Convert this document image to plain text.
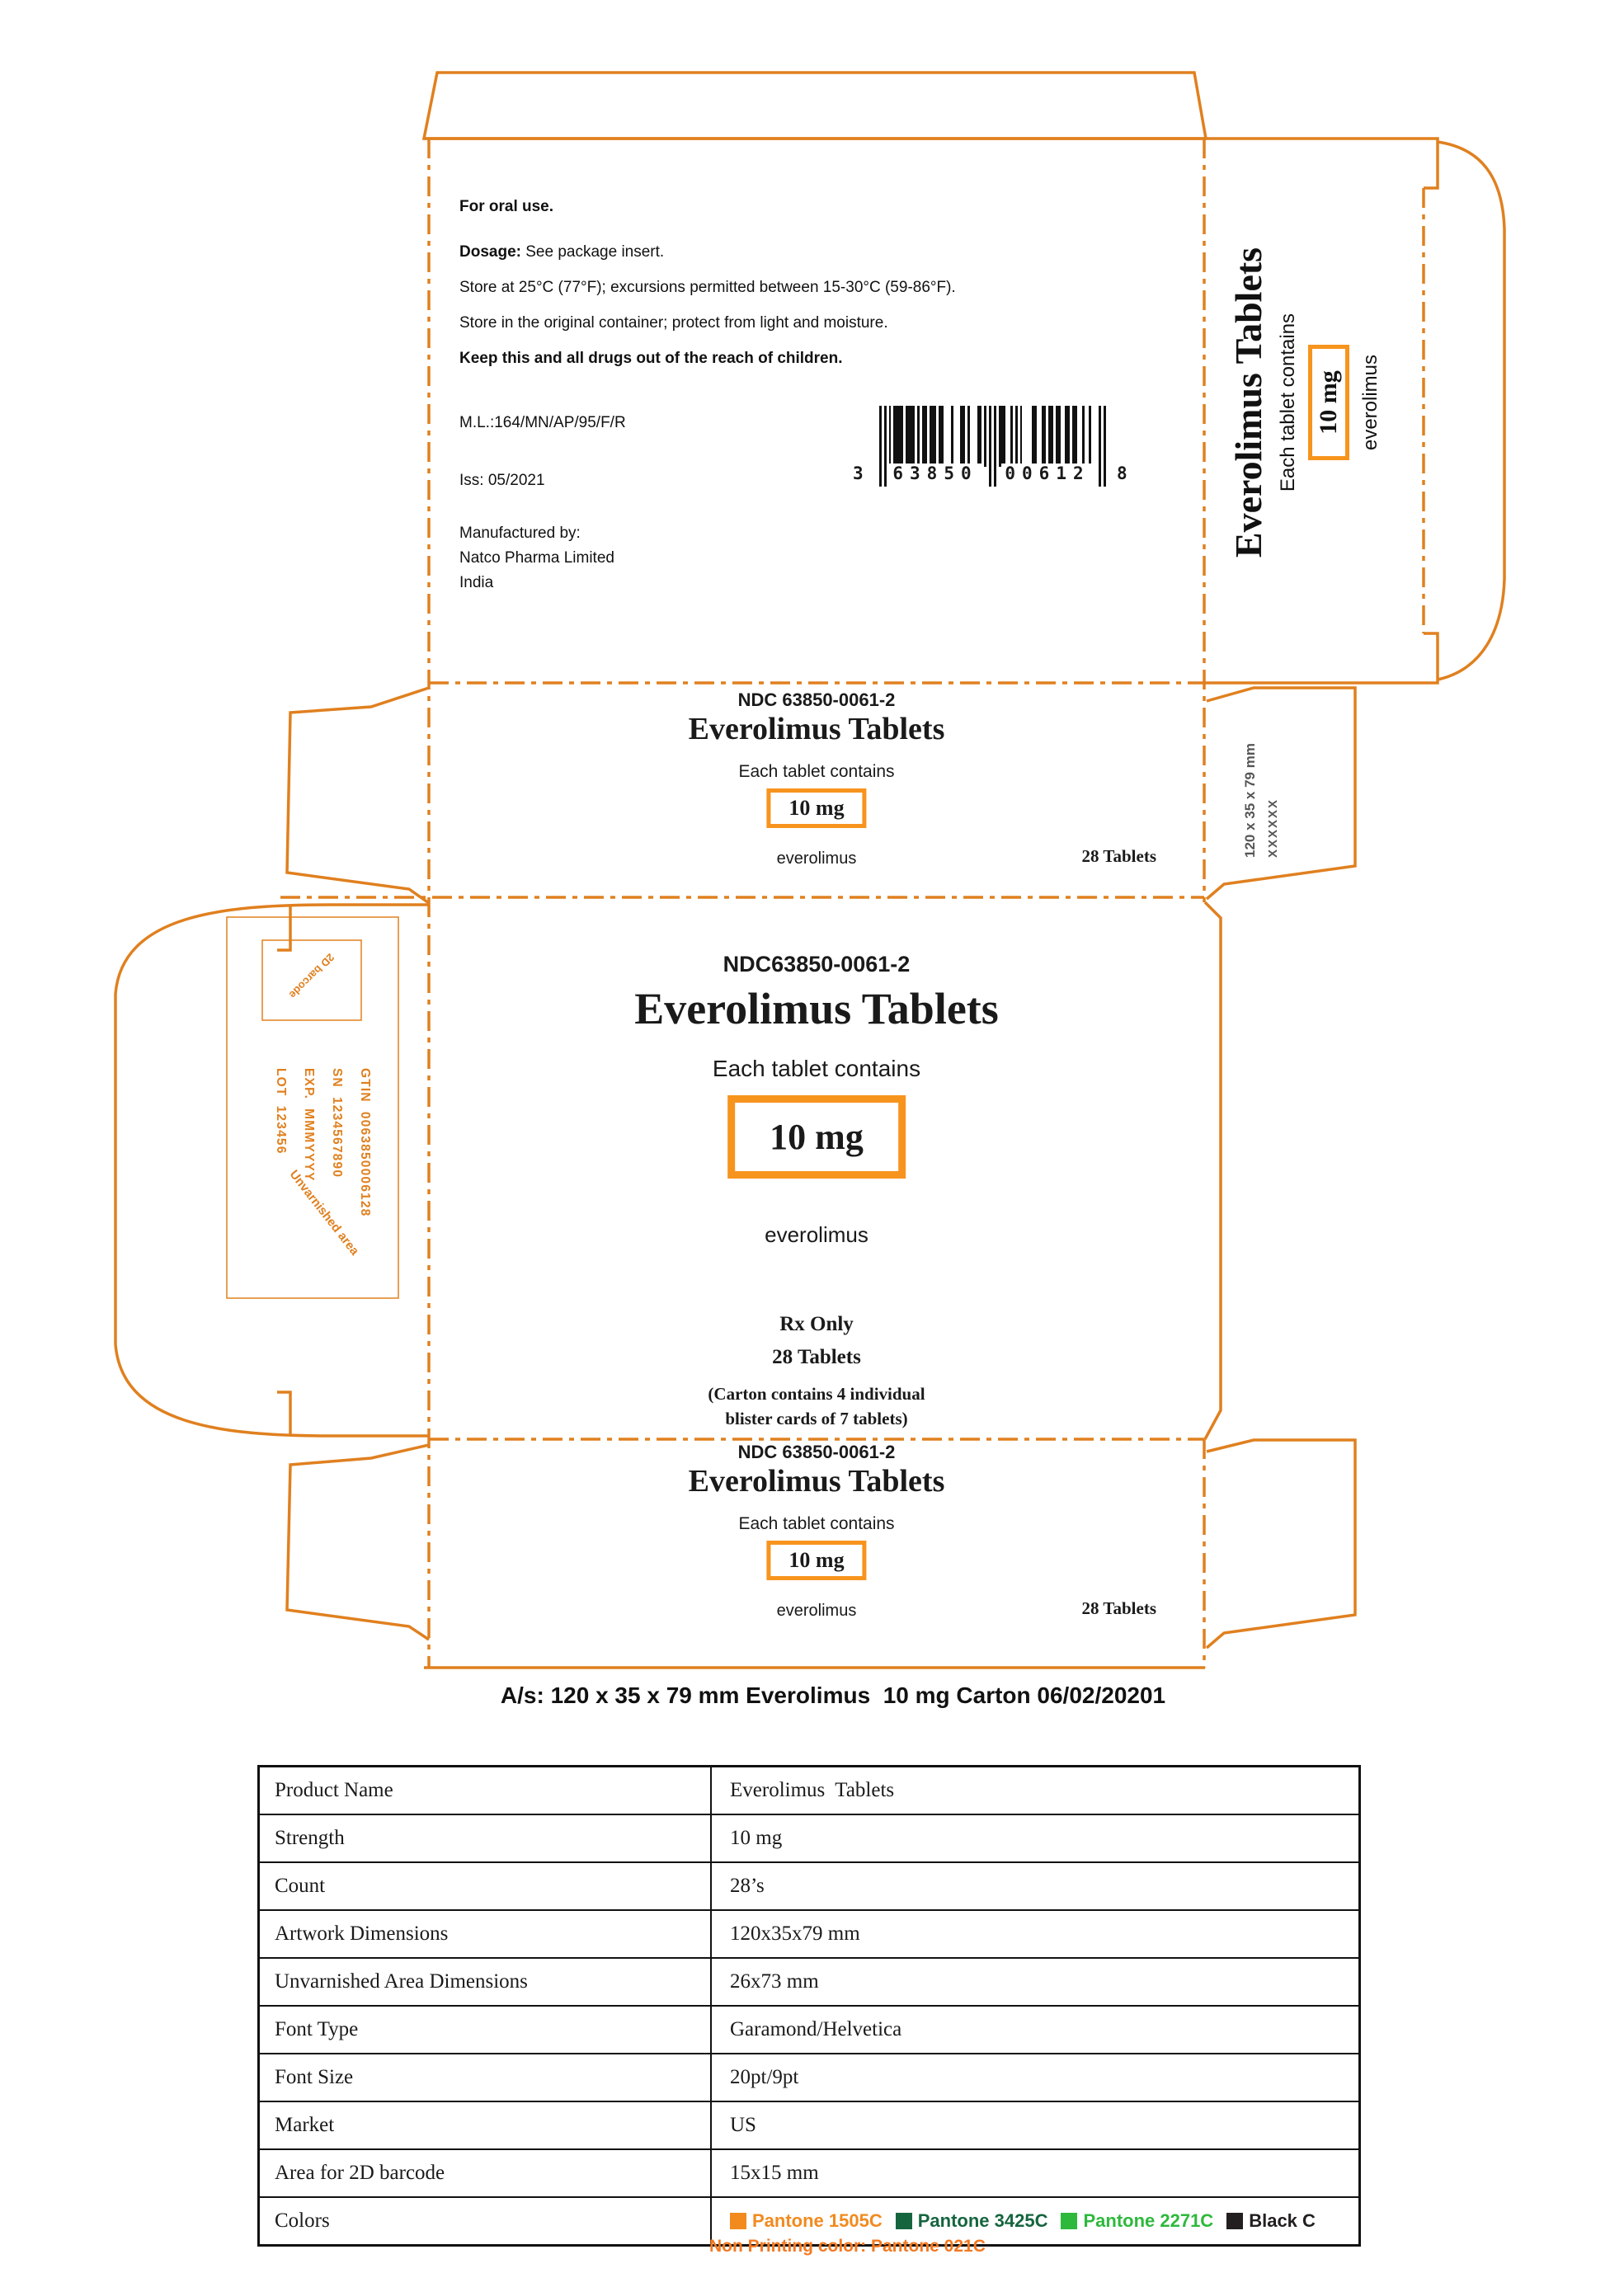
For oral use.
Dosage: See package insert.
Store at 25°C (77°F); excursions permitted between 15-30°C (59-86°F).
Store in the original container; protect from light and moisture.
Keep this and all drugs out of the reach of children.
M.L.:164/MN/AP/95/F/R
Iss: 05/2021
Manufactured by:
Natco Pharma Limited
India
3 63850 00612 8	Everolimus Tablets Each tablet contains 10 mg everolimus
NDC 63850-0061-2
Everolimus Tablets
Each tablet contains
10 mg
everolimus	28 Tablets	120 x 35 x 79 mm XXXXXX
NDC63850-0061-2
Everolimus Tablets
Each tablet contains
10 mg
everolimus
Rx Only
28 Tablets
(Carton contains 4 individual
blister cards of 7 tablets)
GTIN  0063850006128
SN  1234567890
EXP.  MMMYYYY
LOT  123456
2D barcode
Unvarnished area
NDC 63850-0061-2
Everolimus Tablets
Each tablet contains
10 mg
everolimus	28 Tablets
A/s: 120 x 35 x 79 mm Everolimus  10 mg Carton 06/02/20201
Product Name	Everolimus  Tablets
Strength	10 mg
Count	28’s
Artwork Dimensions	120x35x79 mm
Unvarnished Area Dimensions	26x73 mm
Font Type	Garamond/Helvetica
Font Size	20pt/9pt
Market	US
Area for 2D barcode	15x15 mm
Colors	Pantone 1505C Pantone 3425C Pantone 2271C Black C
Non Printing color: Pantone 021C
